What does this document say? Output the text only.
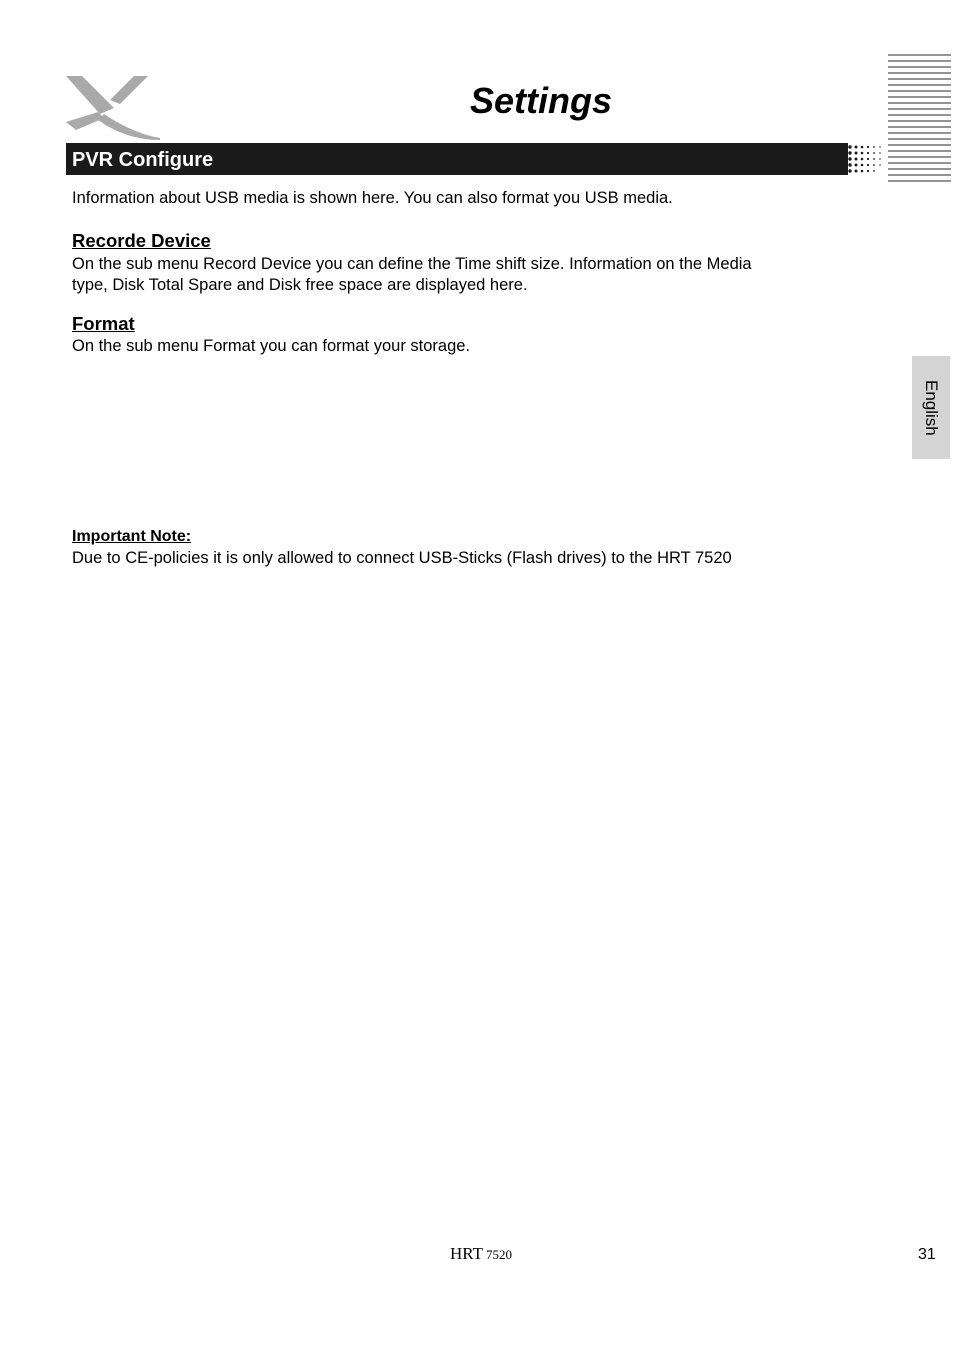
Settings
PVR Configure
Information about USB media is shown here. You can also format you USB media.
Recorde Device
On the sub menu Record Device you can define the Time shift size. Information on the Media
type, Disk Total Spare and Disk free space are displayed here.
Format
On the sub menu Format you can format your storage.
Important Note:
Due to CE-policies it is only allowed to connect USB-Sticks (Flash drives) to the HRT 7520
English
HRT 7520	31
